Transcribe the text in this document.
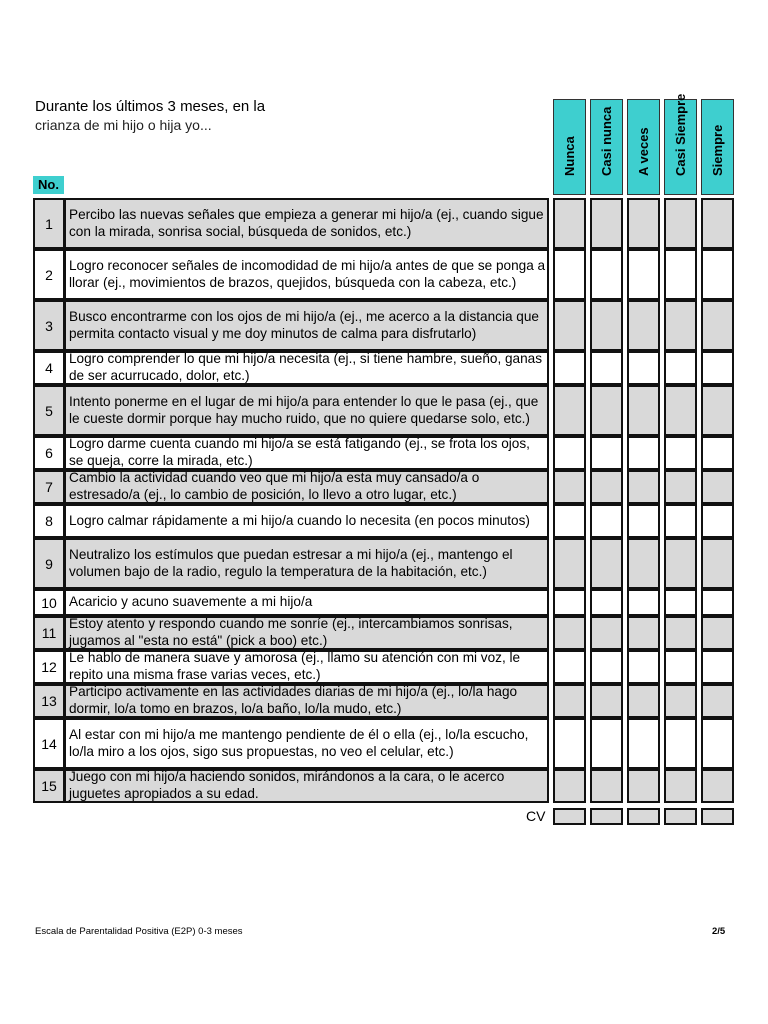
Durante los últimos 3 meses, en la
crianza de mi hijo o hija yo...
No.
Nunca Casi nunca A veces Casi Siempre Siempre
1
Percibo las nuevas señales que empieza a generar mi hijo/a (ej., cuando sigue con la mirada, sonrisa social, búsqueda de sonidos, etc.)
2
Logro reconocer señales de incomodidad de mi hijo/a antes de que se ponga a llorar (ej., movimientos de brazos, quejidos, búsqueda con la cabeza, etc.)
3
Busco encontrarme con los ojos de mi hijo/a (ej., me acerco a la distancia que permita contacto visual y me doy minutos de calma para disfrutarlo)
4
Logro comprender lo que mi hijo/a necesita (ej., si tiene hambre, sueño, ganas de ser acurrucado, dolor, etc.)
5
Intento ponerme en el lugar de mi hijo/a para entender lo que le pasa (ej., que le cueste dormir porque hay mucho ruido, que no quiere quedarse solo, etc.)
6
Logro darme cuenta cuando mi hijo/a se está fatigando (ej., se frota los ojos, se queja, corre la mirada, etc.)
7
Cambio la actividad cuando veo que mi hijo/a esta muy cansado/a o estresado/a (ej., lo cambio de posición, lo llevo a otro lugar, etc.)
8	Logro calmar rápidamente a mi hijo/a cuando lo necesita (en pocos minutos)
9
Neutralizo los estímulos que puedan estresar a mi hijo/a (ej., mantengo el volumen bajo de la radio, regulo la temperatura de la habitación, etc.)
10 Acaricio y acuno suavemente a mi hijo/a
11
Estoy atento y respondo cuando me sonríe (ej., intercambiamos sonrisas, jugamos al "esta no está" (pick a boo) etc.)
12
Le hablo de manera suave y amorosa (ej., llamo su atención con mi voz, le repito una misma frase varias veces, etc.)
13
Participo activamente en las actividades diarias de mi hijo/a (ej., lo/la hago dormir, lo/a tomo en brazos, lo/a baño, lo/la mudo, etc.)
14
Al estar con mi hijo/a me mantengo pendiente de él o ella (ej., lo/la escucho, lo/la miro a los ojos, sigo sus propuestas, no veo el celular, etc.)
15
Juego con mi hijo/a haciendo sonidos, mirándonos a la cara, o le acerco juguetes apropiados a su edad.
CV
Escala de Parentalidad Positiva (E2P) 0-3 meses	2/5
